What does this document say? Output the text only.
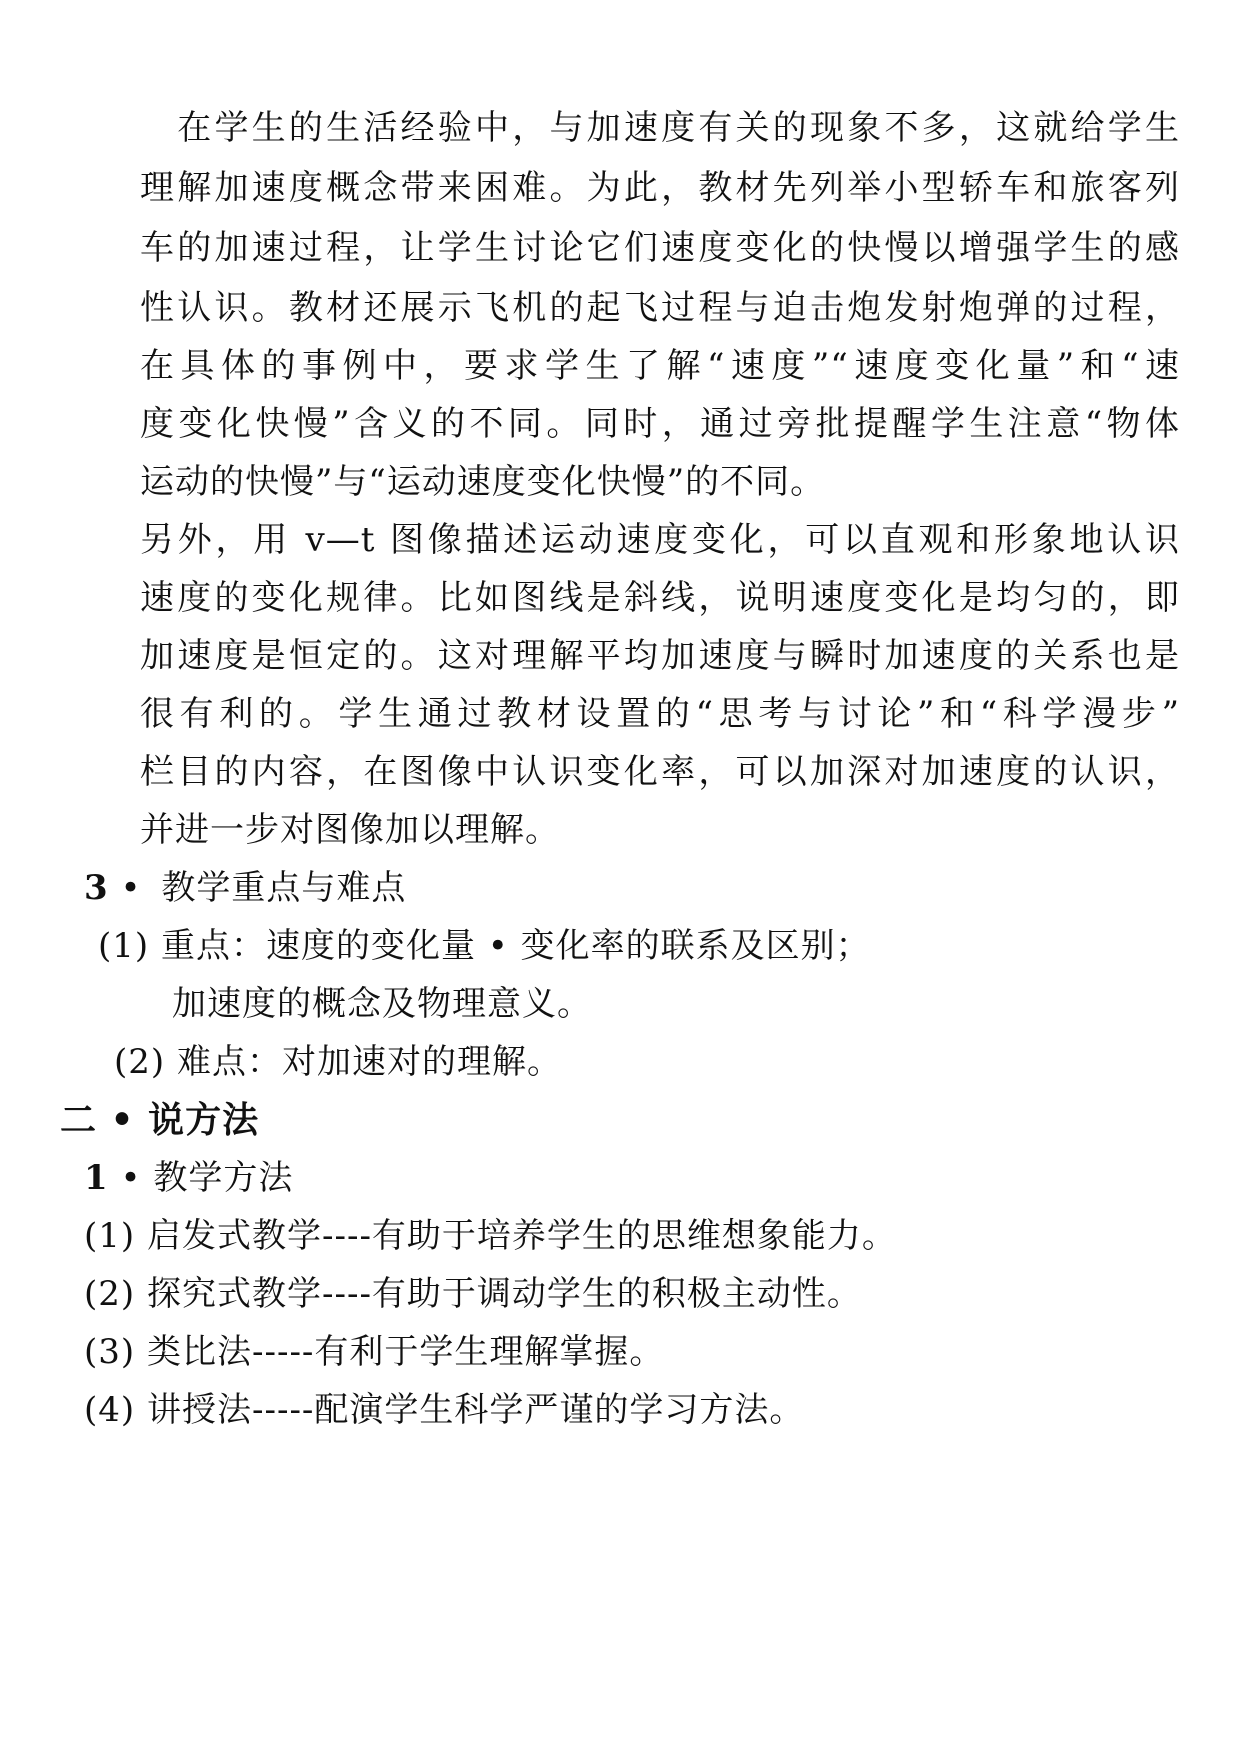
　在学生的生活经验中，与加速度有关的现象不多，这就给学生
理解加速度概念带来困难。为此，教材先列举小型轿车和旅客列
车的加速过程，让学生讨论它们速度变化的快慢以增强学生的感
性认识。教材还展示飞机的起飞过程与迫击炮发射炮弹的过程，
在具体的事例中，要求学生了解“速度”“速度变化量”和“速
度变化快慢”含义的不同。同时，通过旁批提醒学生注意“物体
运动的快慢”与“运动速度变化快慢”的不同。
另外，用 v—t 图像描述运动速度变化，可以直观和形象地认识
速度的变化规律。比如图线是斜线，说明速度变化是均匀的，即
加速度是恒定的。这对理解平均加速度与瞬时加速度的关系也是
很有利的。学生通过教材设置的“思考与讨论”和“科学漫步”
栏目的内容，在图像中认识变化率，可以加深对加速度的认识，
并进一步对图像加以理解。
3 • 教学重点与难点
(1) 重点：速度的变化量 • 变化率的联系及区别；
加速度的概念及物理意义。
(2) 难点：对加速对的理解。
二 • 说方法
1 • 教学方法
(1) 启发式教学----有助于培养学生的思维想象能力。
(2) 探究式教学----有助于调动学生的积极主动性。
(3) 类比法-----有利于学生理解掌握。
(4) 讲授法-----配演学生科学严谨的学习方法。
